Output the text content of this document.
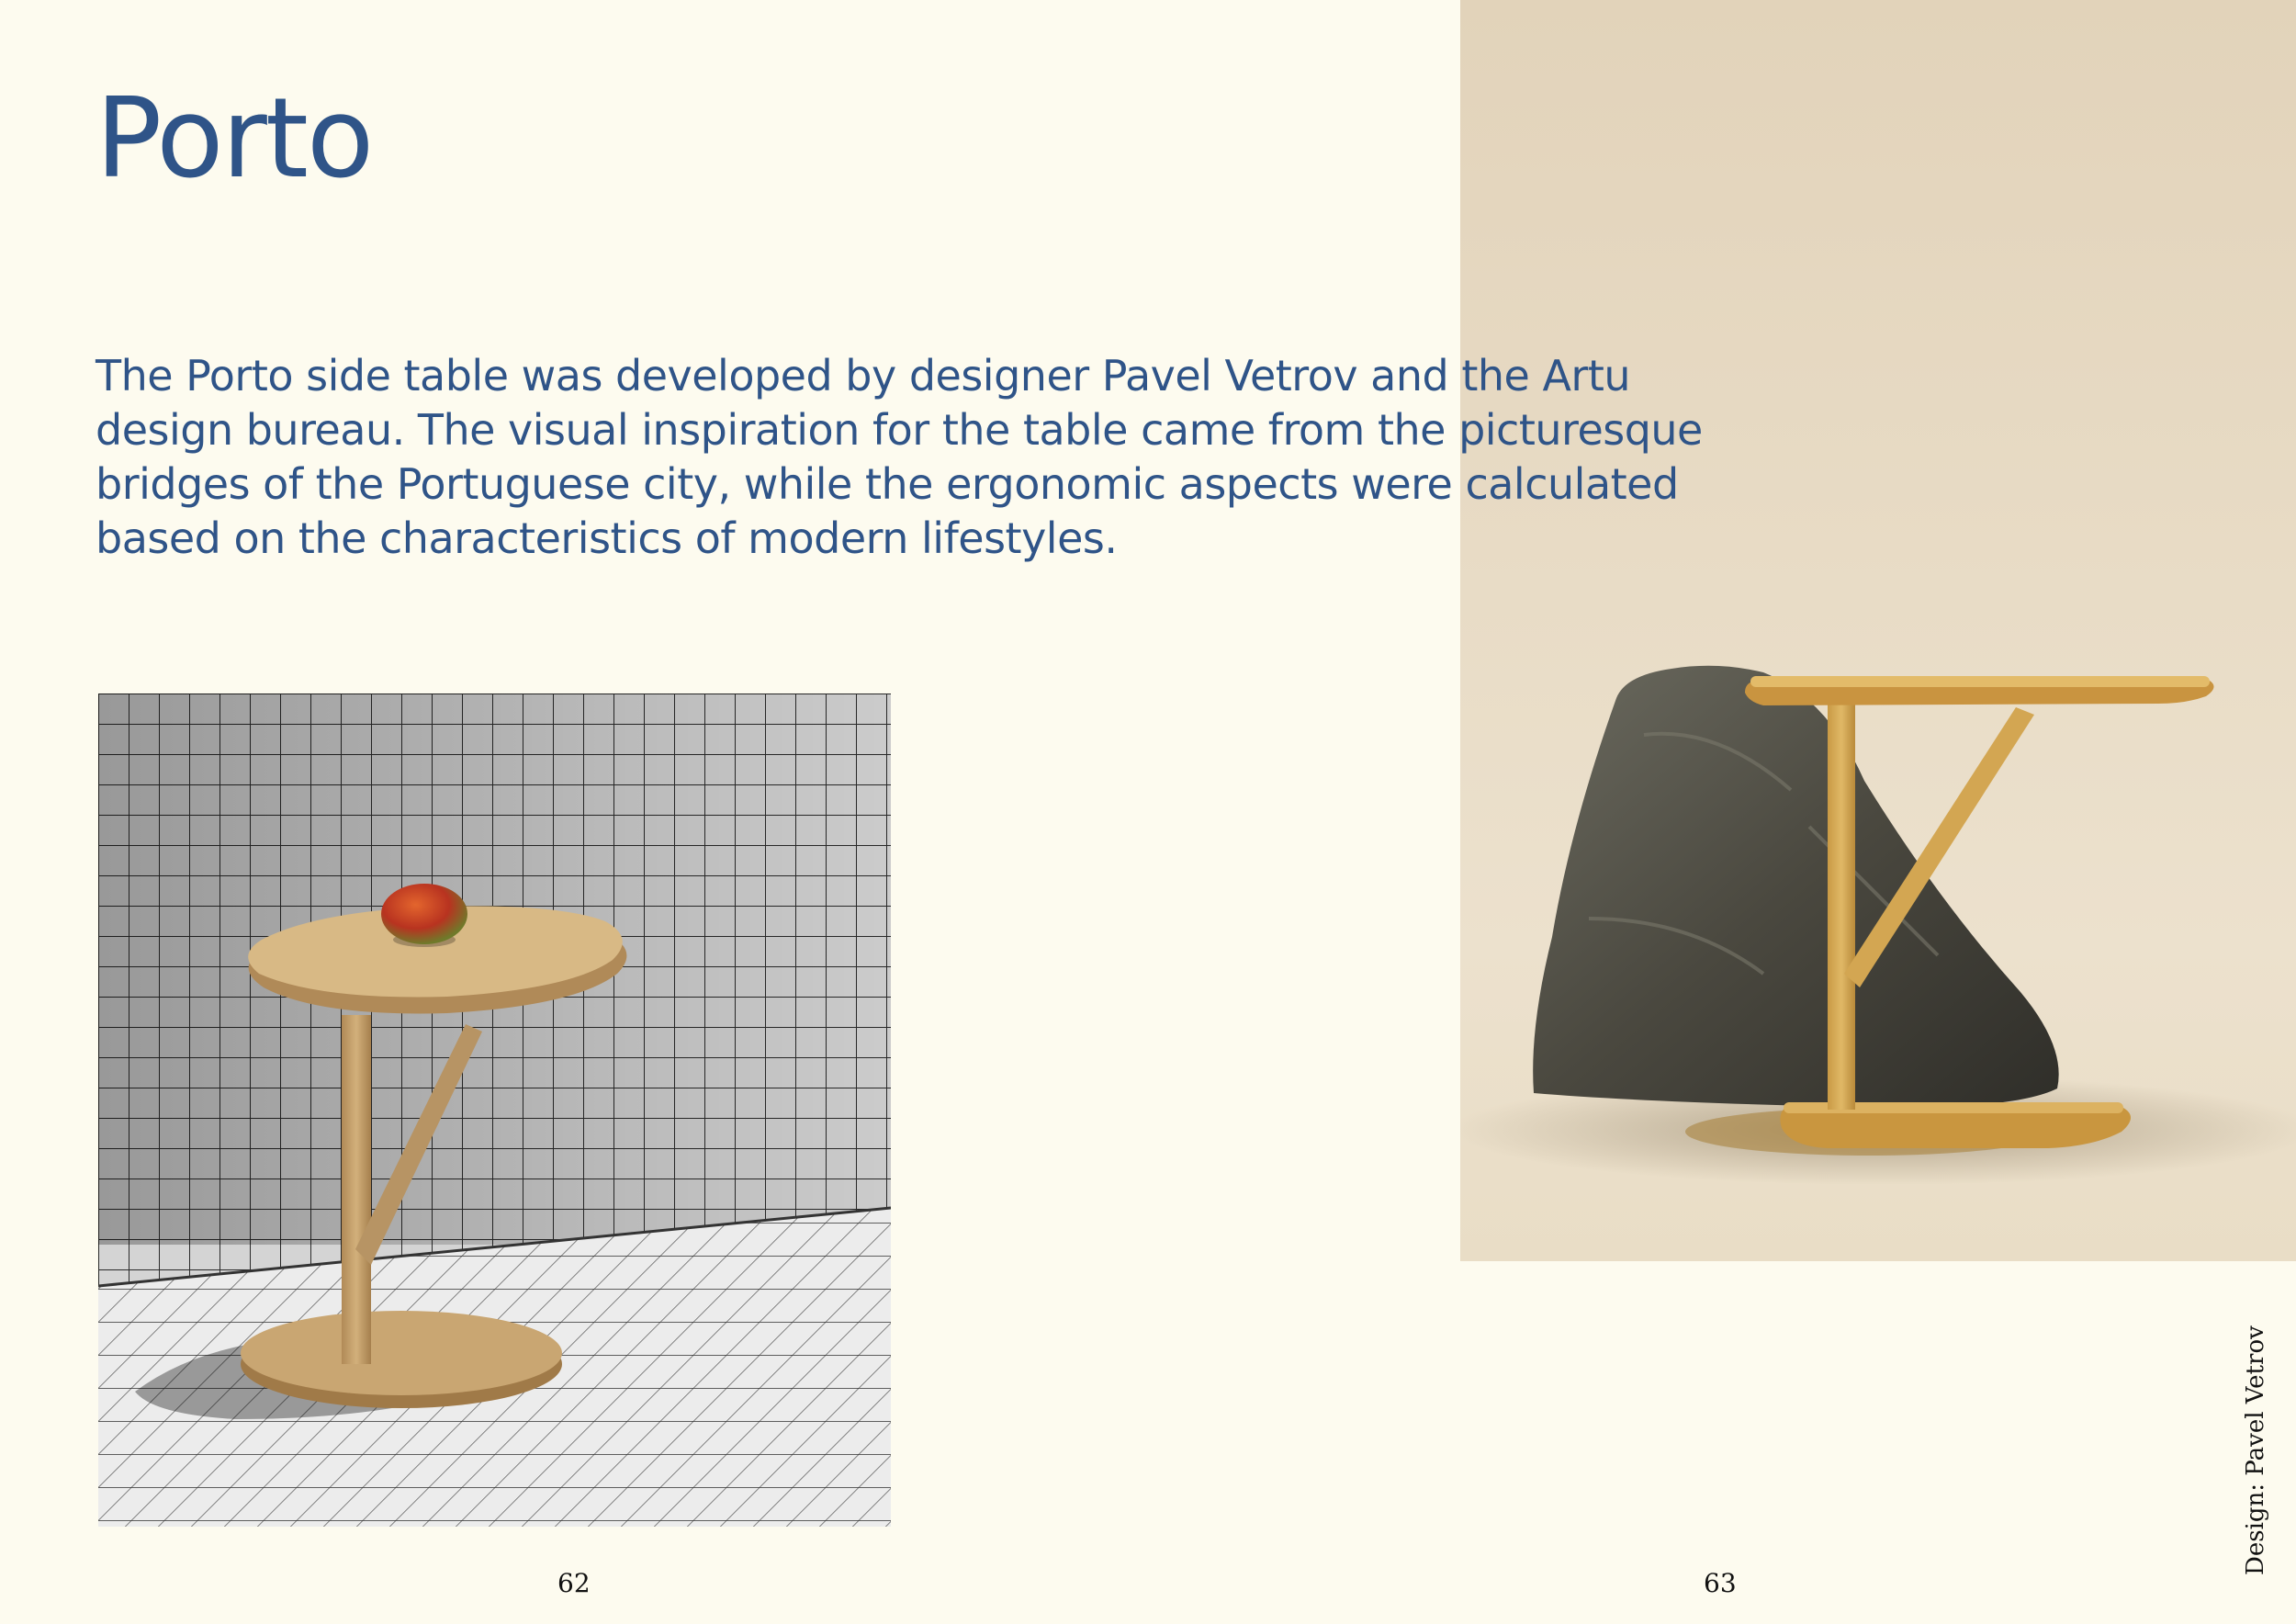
Porto

The Porto side table was developed by designer Pavel Vetrov and the Artu
design bureau. The visual inspiration for the table came from the picturesque
bridges of the Portuguese city, while the ergonomic aspects were calculated
based on the characteristics of modern lifestyles.

62	63
Design: Pavel Vetrov
